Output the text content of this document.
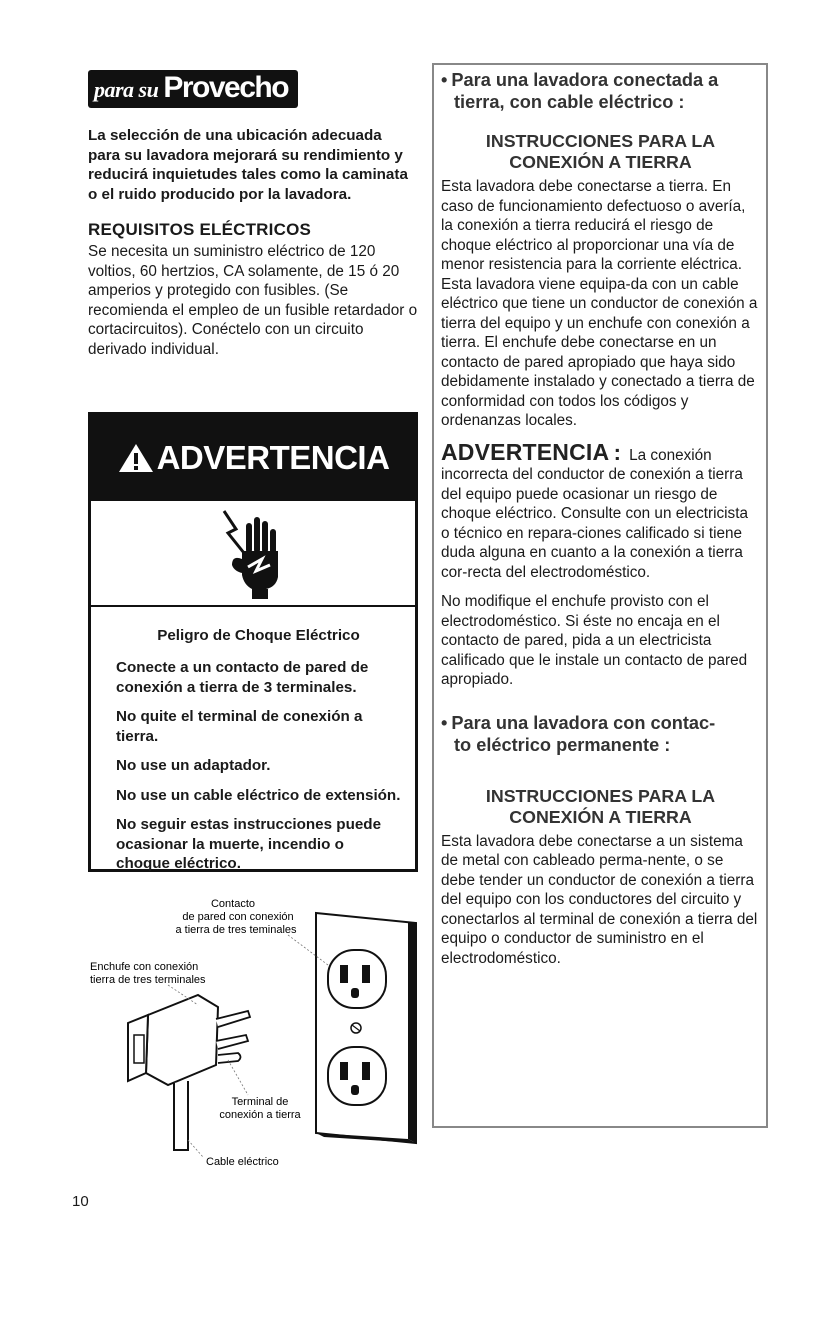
para su Provecho

La selección de una ubicación adecuada para su lavadora mejorará su rendimiento y reducirá inquietudes tales como la caminata o el ruido producido por la lavadora.

REQUISITOS ELÉCTRICOS

Se necesita un suministro eléctrico de 120 voltios, 60 hertzios, CA solamente, de 15 ó 20 amperios y protegido con fusibles. (Se recomienda el empleo de un fusible retardador o cortacircuitos). Conéctelo con un circuito derivado individual.

ADVERTENCIA
Peligro de Choque Eléctrico

Conecte a un contacto de pared de conexión a tierra de 3 terminales.

No quite el terminal de conexión a tierra.

No use un adaptador.

No use un cable eléctrico de extensión.

No seguir estas instrucciones puede ocasionar la muerte, incendio o choque eléctrico.

Contacto
de pared con conexión
a tierra de tres teminales
Enchufe con conexión
tierra de tres terminales
Terminal de
conexión a tierra
Cable eléctrico
10
• Para una lavadora conectada a
tierra, con cable eléctrico :
INSTRUCCIONES PARA LA
CONEXIÓN A TIERRA

Esta lavadora debe conectarse a tierra. En caso de funcionamiento defectuoso o avería, la conexión a tierra reducirá el riesgo de choque eléctrico al proporcionar una vía de menor resistencia para la corriente eléctrica. Esta lavadora viene equipa-da con un cable eléctrico que tiene un conductor de conexión a tierra del equipo y un enchufe con conexión a tierra. El enchufe debe conectarse en un contacto de pared apropiado que haya sido debidamente instalado y conectado a tierra de conformidad con todos los códigos y ordenanzas locales.

ADVERTENCIA : La conexión incorrecta del conductor de conexión a tierra del equipo puede ocasionar un riesgo de choque eléctrico. Consulte con un electricista o técnico en repara-ciones calificado si tiene duda alguna en cuanto a la conexión a tierra cor-recta del electrodoméstico.

No modifique el enchufe provisto con el electrodoméstico. Si éste no encaja en el contacto de pared, pida a un electricista calificado que le instale un contacto de pared apropiado.

• Para una lavadora con contac-
to eléctrico permanente :
INSTRUCCIONES PARA LA
CONEXIÓN A TIERRA

Esta lavadora debe conectarse a un sistema de metal con cableado perma-nente, o se debe tender un conductor de conexión a tierra del equipo con los conductores del circuito y conectarlos al terminal de conexión a tierra del equipo o conductor de suministro en el electrodoméstico.
